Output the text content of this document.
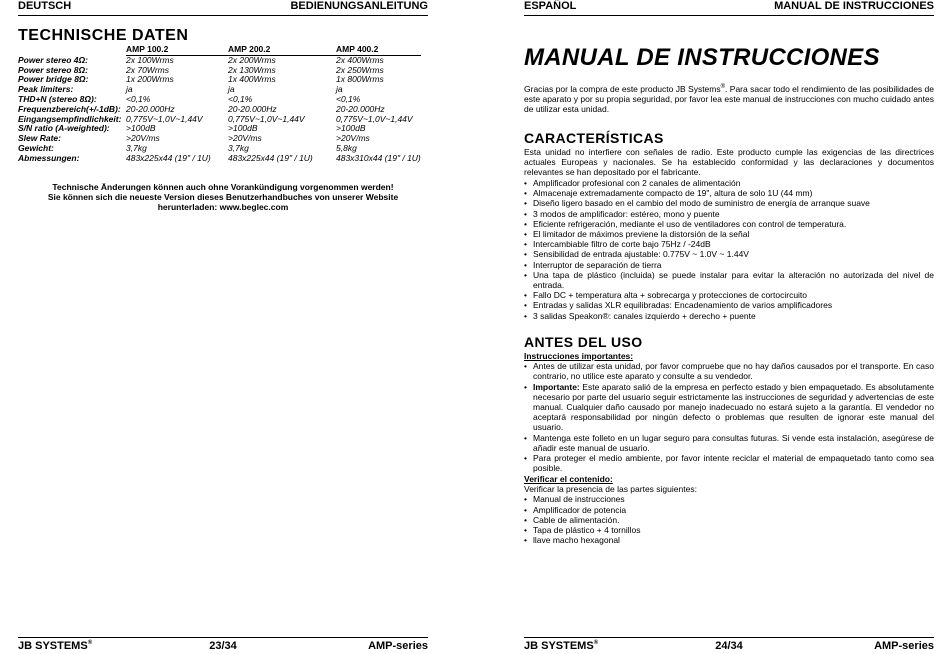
DEUTSCH	BEDIENUNGSANLEITUNG
TECHNISCHE DATEN
	AMP 100.2	AMP 200.2	AMP 400.2
Power stereo 4Ω:	2x 100Wrms	2x 200Wrms	2x 400Wrms
Power stereo 8Ω:	2x 70Wrms	2x 130Wrms	2x 250Wrms
Power bridge 8Ω:	1x 200Wrms	1x 400Wrms	1x 800Wrms
Peak limiters:	ja	ja	ja
THD+N (stereo 8Ω):	<0,1%	<0,1%	<0,1%
Frequenzbereich(+/-1dB):	20-20.000Hz	20-20.000Hz	20-20.000Hz
Eingangsempfindlichkeit:	0,775V~1,0V~1,44V	0,775V~1,0V~1,44V	0,775V~1,0V~1,44V
S/N ratio (A-weighted):	>100dB	>100dB	>100dB
Slew Rate:	>20V/ms	>20V/ms	>20V/ms
Gewicht:	3,7kg	3,7kg	5,8kg
Abmessungen:	483x225x44 (19" / 1U)	483x225x44 (19" / 1U)	483x310x44 (19" / 1U)
Technische Änderungen können auch ohne Vorankündigung vorgenommen werden!
Sie können sich die neueste Version dieses Benutzerhandbuches von unserer Website
herunterladen: www.beglec.com
JB SYSTEMS®	23/34	AMP-series
ESPAÑOL	MANUAL DE INSTRUCCIONES
MANUAL DE INSTRUCCIONES
Gracias por la compra de este producto JB Systems®. Para sacar todo el rendimiento de las posibilidades de este aparato y por su propia seguridad, por favor lea este manual de instrucciones con mucho cuidado antes de utilizar esta unidad.
CARACTERÍSTICAS
Esta unidad no interfiere con señales de radio. Este producto cumple las exigencias de las directrices actuales Europeas y nacionales. Se ha establecido conformidad y las declaraciones y documentos relevantes se han depositado por el fabricante.
• Amplificador profesional con 2 canales de alimentación
• Almacenaje extremadamente compacto de 19", altura de solo 1U (44 mm)
• Diseño ligero basado en el cambio del modo de suministro de energía de arranque suave
• 3 modos de amplificador: estéreo, mono y puente
• Eficiente refrigeración, mediante el uso de ventiladores con control de temperatura.
• El limitador de máximos previene la distorsión de la señal
• Intercambiable filtro de corte bajo 75Hz / -24dB
• Sensibilidad de entrada ajustable: 0.775V ~ 1.0V ~ 1.44V
• Interruptor de separación de tierra
• Una tapa de plástico (incluida) se puede instalar para evitar la alteración no autorizada del nivel de entrada.
• Fallo DC + temperatura alta + sobrecarga y protecciones de cortocircuito
• Entradas y salidas XLR equilibradas: Encadenamiento de varios amplificadores
• 3 salidas Speakon®: canales izquierdo + derecho + puente
ANTES DEL USO
Instrucciones importantes:
• Antes de utilizar esta unidad, por favor compruebe que no hay daños causados por el transporte. En caso contrario, no utilice este aparato y consulte a su vendedor.
• Importante: Este aparato salió de la empresa en perfecto estado y bien empaquetado. Es absolutamente necesario por parte del usuario seguir estrictamente las instrucciones de seguridad y advertencias de este manual. Cualquier daño causado por manejo inadecuado no estará sujeto a la garantía. El vendedor no aceptará responsabilidad por ningún defecto o problemas que resulten de ignorar este manual del usuario.
• Mantenga este folleto en un lugar seguro para consultas futuras. Si vende esta instalación, asegúrese de añadir este manual de usuario.
• Para proteger el medio ambiente, por favor intente reciclar el material de empaquetado tanto como sea posible.
Verificar el contenido:
Verificar la presencia de las partes siguientes:
• Manual de instrucciones
• Amplificador de potencia
• Cable de alimentación.
• Tapa de plástico + 4 tornillos
• llave macho hexagonal
JB SYSTEMS®	24/34	AMP-series
